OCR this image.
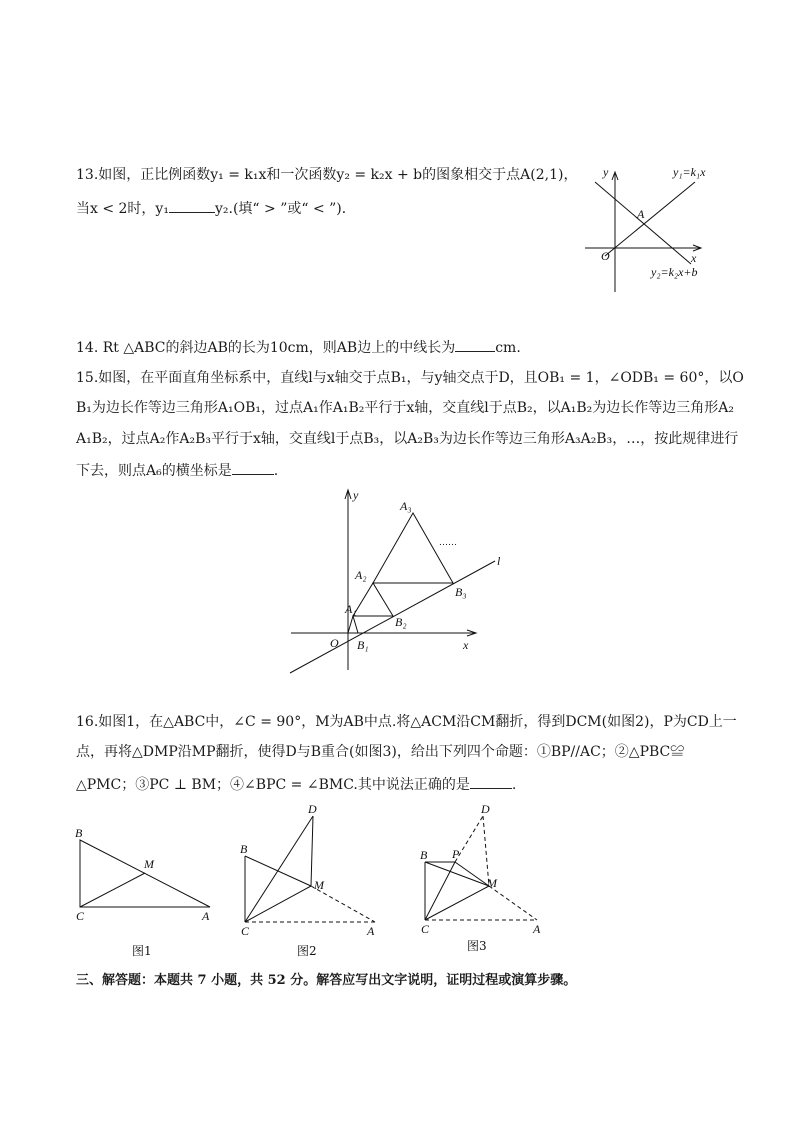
13.如图，正比例函数y₁ = k₁x和一次函数y₂ = k₂x + b的图象相交于点A(2,1)，
当x < 2时，y₁	y₂.(填“ > ”或“ < ”)．
y
x
O
A
y₁=k₁x
y₂=k₂x+b
14. Rt △ABC的斜边AB的长为10cm，则AB边上的中线长为	cm.
15.如图，在平面直角坐标系中，直线l与x轴交于点B₁，与y轴交点于D，且OB₁ = 1，∠ODB₁ = 60°，以O
B₁为边长作等边三角形A₁OB₁，过点A₁作A₁B₂平行于x轴，交直线l于点B₂，以A₁B₂为边长作等边三角形A₂
A₁B₂，过点A₂作A₂B₃平行于x轴，交直线l于点B₃，以A₂B₃为边长作等边三角形A₃A₂B₃，…，按此规律进行
下去，则点A₆的横坐标是	.
y
x
l
O
A₁
A₂
A₃
B₁
B₂
B₃
……
16.如图1，在△ABC中，∠C = 90°，M为AB中点.将△ACM沿CM翻折，得到DCM(如图2)，P为CD上一
点，再将△DMP沿MP翻折，使得D与B重合(如图3)，给出下列四个命题：①BP//AC；②△PBC≌
△PMC；③PC ⊥ BM；④∠BPC = ∠BMC.其中说法正确的是	.
B
M
C	A
图1
D
B
M
C	A
图2
D
B P
M
C	A
图3
三、解答题：本题共 7 小题，共 52 分。解答应写出文字说明，证明过程或演算步骤。
